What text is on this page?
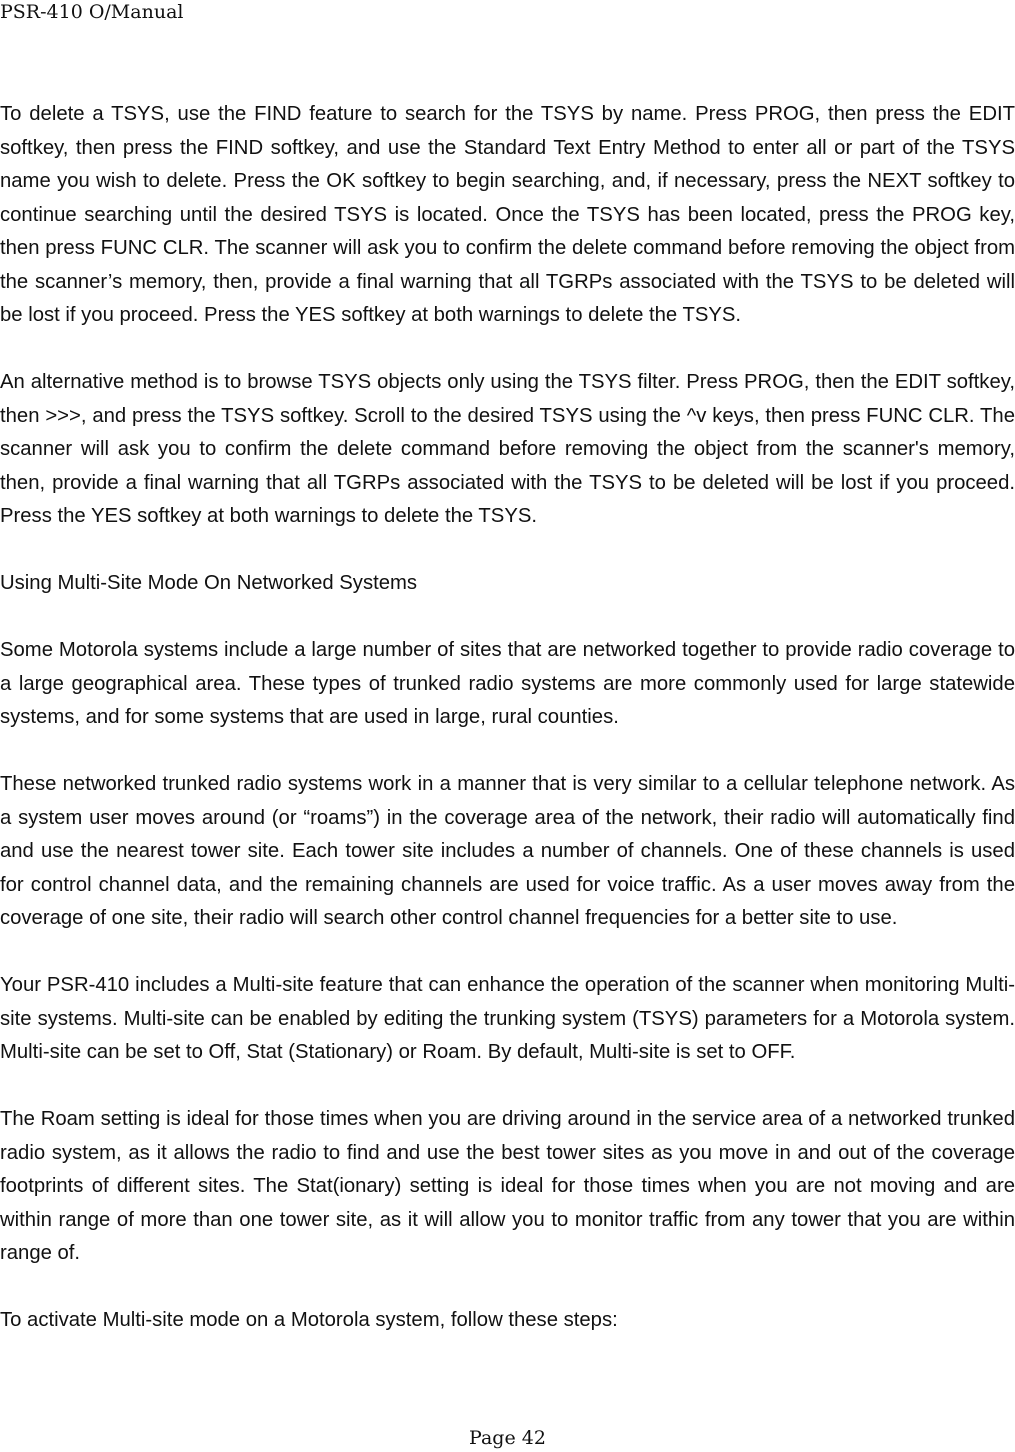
PSR-410 O/Manual

To delete a TSYS, use the FIND feature to search for the TSYS by name. Press PROG, then press the EDIT softkey, then press the FIND softkey, and use the Standard Text Entry Method to enter all or part of the TSYS name you wish to delete. Press the OK softkey to begin searching, and, if necessary, press the NEXT softkey to continue searching until the desired TSYS is located. Once the TSYS has been located, press the PROG key, then press FUNC CLR. The scanner will ask you to confirm the delete command before removing the object from the scanner’s memory, then, provide a final warning that all TGRPs associated with the TSYS to be deleted will be lost if you proceed. Press the YES softkey at both warnings to delete the TSYS.

An alternative method is to browse TSYS objects only using the TSYS filter. Press PROG, then the EDIT softkey, then >>>, and press the TSYS softkey. Scroll to the desired TSYS using the ^v keys, then press FUNC CLR. The scanner will ask you to confirm the delete command before removing the object from the scanner's memory, then, provide a final warning that all TGRPs associated with the TSYS to be deleted will be lost if you proceed. Press the YES softkey at both warnings to delete the TSYS.

Using Multi-Site Mode On Networked Systems

Some Motorola systems include a large number of sites that are networked together to provide radio coverage to a large geographical area. These types of trunked radio systems are more commonly used for large statewide systems, and for some systems that are used in large, rural counties.

These networked trunked radio systems work in a manner that is very similar to a cellular telephone network. As a system user moves around (or “roams”) in the coverage area of the network, their radio will automatically find and use the nearest tower site. Each tower site includes a number of channels. One of these channels is used for control channel data, and the remaining channels are used for voice traffic. As a user moves away from the coverage of one site, their radio will search other control channel frequencies for a better site to use.

Your PSR-410 includes a Multi-site feature that can enhance the operation of the scanner when monitoring Multi-site systems. Multi-site can be enabled by editing the trunking system (TSYS) parameters for a Motorola system. Multi-site can be set to Off, Stat (Stationary) or Roam. By default, Multi-site is set to OFF.

The Roam setting is ideal for those times when you are driving around in the service area of a networked trunked radio system, as it allows the radio to find and use the best tower sites as you move in and out of the coverage footprints of different sites. The Stat(ionary) setting is ideal for those times when you are not moving and are within range of more than one tower site, as it will allow you to monitor traffic from any tower that you are within range of.

To activate Multi-site mode on a Motorola system, follow these steps:

Page 42
